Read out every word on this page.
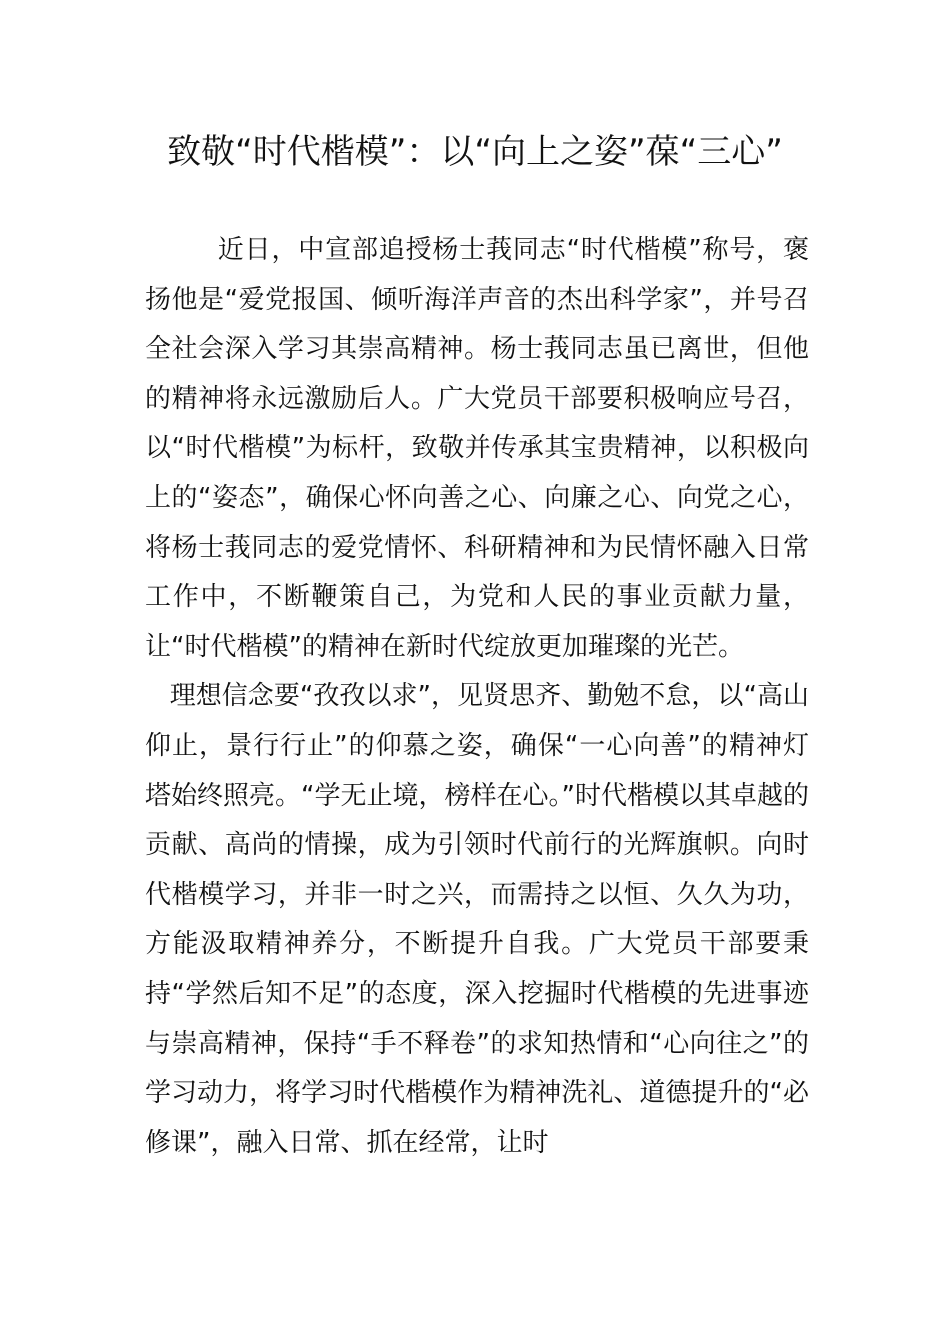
致敬“时代楷模”：以“向上之姿”葆“三心”

近日，中宣部追授杨士莪同志“时代楷模”称号，褒扬他是“爱党报国、倾听海洋声音的杰出科学家”，并号召全社会深入学习其崇高精神。杨士莪同志虽已离世，但他的精神将永远激励后人。广大党员干部要积极响应号召，以“时代楷模”为标杆，致敬并传承其宝贵精神，以积极向上的“姿态”，确保心怀向善之心、向廉之心、向党之心，将杨士莪同志的爱党情怀、科研精神和为民情怀融入日常工作中，不断鞭策自己，为党和人民的事业贡献力量，让“时代楷模”的精神在新时代绽放更加璀璨的光芒。

理想信念要“孜孜以求”，见贤思齐、勤勉不怠，以“高山仰止，景行行止”的仰慕之姿，确保“一心向善”的精神灯塔始终照亮。“学无止境，榜样在心。”时代楷模以其卓越的贡献、高尚的情操，成为引领时代前行的光辉旗帜。向时代楷模学习，并非一时之兴，而需持之以恒、久久为功，方能汲取精神养分，不断提升自我。广大党员干部要秉持“学然后知不足”的态度，深入挖掘时代楷模的先进事迹与崇高精神，保持“手不释卷”的求知热情和“心向往之”的学习动力，将学习时代楷模作为精神洗礼、道德提升的“必修课”，融入日常、抓在经常，让时
